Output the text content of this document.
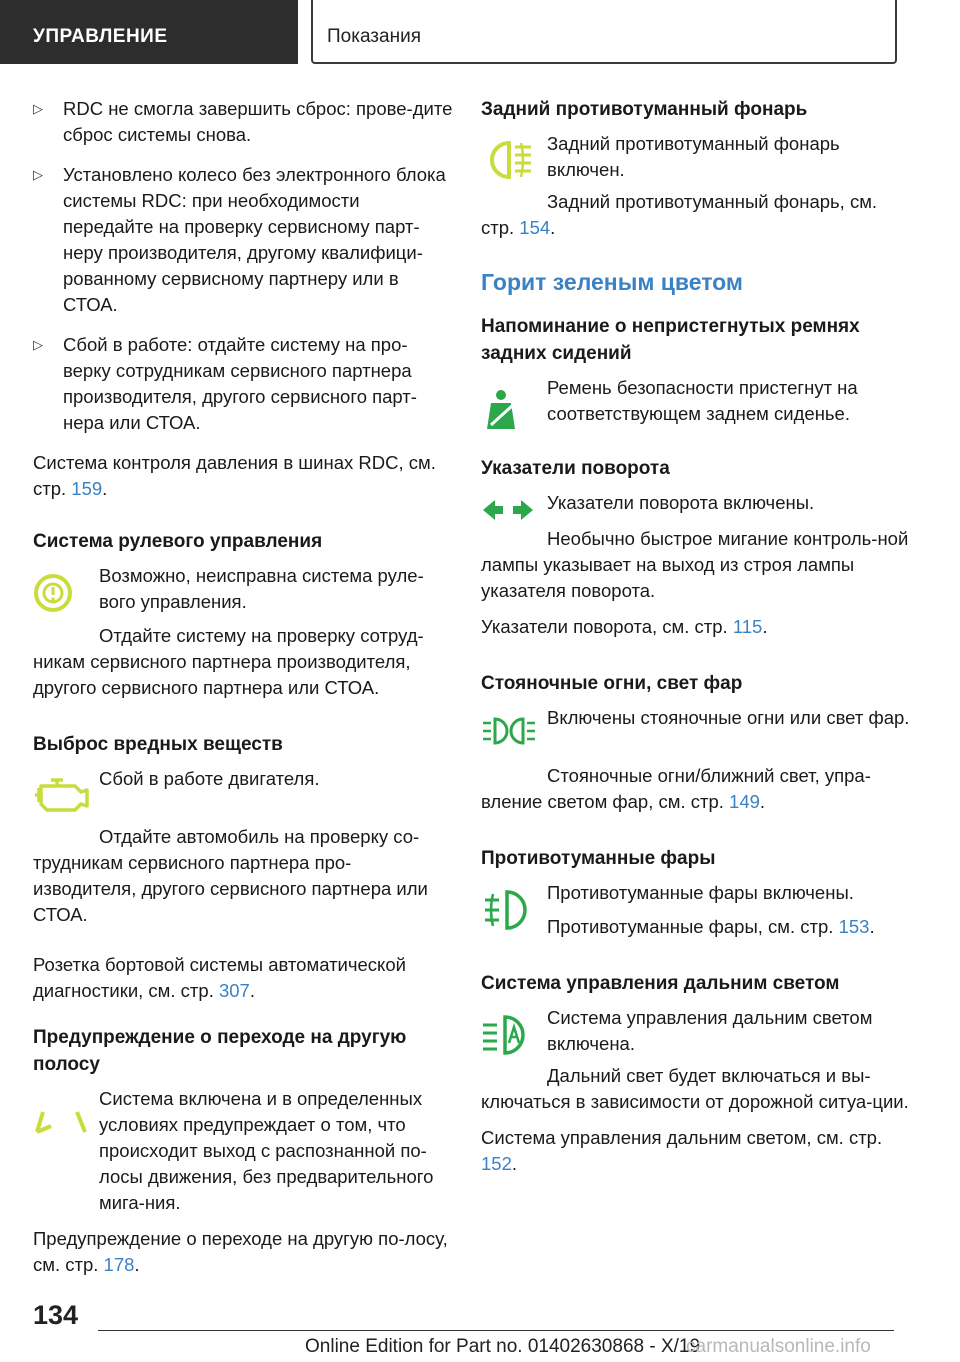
УПРАВЛЕНИЕ	Показания
▷ RDC не смогла завершить сброс: прове-дите сброс системы снова.
▷ Установлено колесо без электронного блока системы RDC: при необходимости передайте на проверку сервисному парт-неру производителя, другому квалифици-рованному сервисному партнеру или в СТОА.
▷ Сбой в работе: отдайте систему на про-верку сотрудникам сервисного партнера производителя, другого сервисного парт-нера или СТОА.

Система контроля давления в шинах RDC, см. стр. 159.

Система рулевого управления

Возможно, неисправна система руле-вого управления.

Отдайте систему на проверку сотруд-никам сервисного партнера производителя, другого сервисного партнера или СТОА.

Выброс вредных веществ

Сбой в работе двигателя.

Отдайте автомобиль на проверку со-трудникам сервисного партнера про-изводителя, другого сервисного партнера или СТОА.

Розетка бортовой системы автоматической диагностики, см. стр. 307.

Предупреждение о переходе на другую полосу

Система включена и в определенных условиях предупреждает о том, что происходит выход с распознанной по-лосы движения, без предварительного мига-ния.

Предупреждение о переходе на другую по-лосу, см. стр. 178.

Задний противотуманный фонарь

Задний противотуманный фонарь включен.

Задний противотуманный фонарь, см. стр. 154.

Горит зеленым цветом
Напоминание о непристегнутых ремнях задних сидений

Ремень безопасности пристегнут на соответствующем заднем сиденье.

Указатели поворота

Указатели поворота включены.

Необычно быстрое мигание контроль-ной лампы указывает на выход из строя лампы указателя поворота.

Указатели поворота, см. стр. 115.

Стояночные огни, свет фар

Включены стояночные огни или свет фар.

Стояночные огни/ближний свет, упра-вление светом фар, см. стр. 149.

Противотуманные фары

Противотуманные фары включены.

Противотуманные фары, см. стр. 153.

Система управления дальним светом

Система управления дальним светом включена.

Дальний свет будет включаться и вы-ключаться в зависимости от дорожной ситуа-ции.

Система управления дальним светом, см. стр. 152.

134
Online Edition for Part no. 01402630868 - X/19
carmanualsonline.info
